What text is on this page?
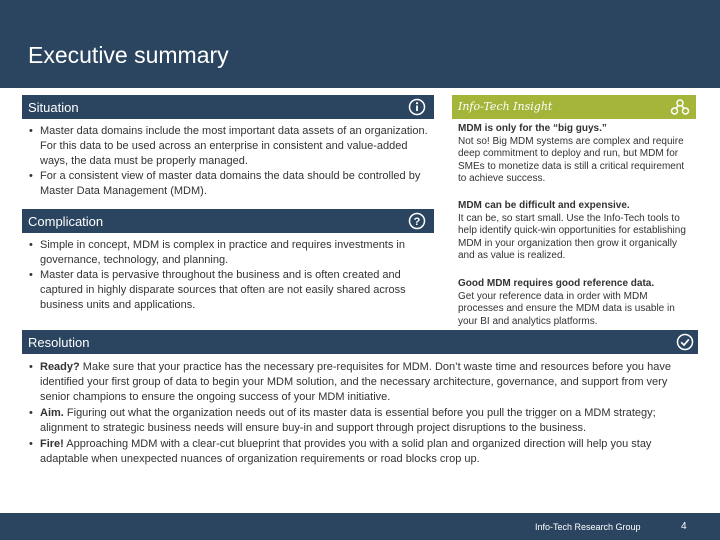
Executive summary
Situation
• Master data domains include the most important data assets of an organization. For this data to be used across an enterprise in consistent and value-added ways, the data must be properly managed.
• For a consistent view of master data domains the data should be controlled by Master Data Management (MDM).
Complication	?
• Simple in concept, MDM is complex in practice and requires investments in governance, technology, and planning.
• Master data is pervasive throughout the business and is often created and captured in highly disparate sources that often are not easily shared across business units and applications.
Info-Tech Insight
MDM is only for the “big guys.”
Not so! Big MDM systems are complex and require deep commitment to deploy and run, but MDM for SMEs to monetize data is still a critical requirement to achieve success.
MDM can be difficult and expensive.
It can be, so start small. Use the Info-Tech tools to help identify quick-win opportunities for establishing MDM in your organization then grow it organically and as value is realized.
Good MDM requires good reference data.
Get your reference data in order with MDM processes and ensure the MDM data is usable in your BI and analytics platforms.
Resolution
• Ready? Make sure that your practice has the necessary pre-requisites for MDM. Don’t waste time and resources before you have identified your first group of data to begin your MDM solution, and the necessary architecture, governance, and support from very senior champions to ensure the ongoing success of your MDM initiative.
• Aim. Figuring out what the organization needs out of its master data is essential before you pull the trigger on a MDM strategy; alignment to strategic business needs will ensure buy-in and support through project disruptions to the business.
• Fire! Approaching MDM with a clear-cut blueprint that provides you with a solid plan and organized direction will help you stay adaptable when unexpected nuances of organization requirements or road blocks crop up.
Info-Tech Research Group	4
